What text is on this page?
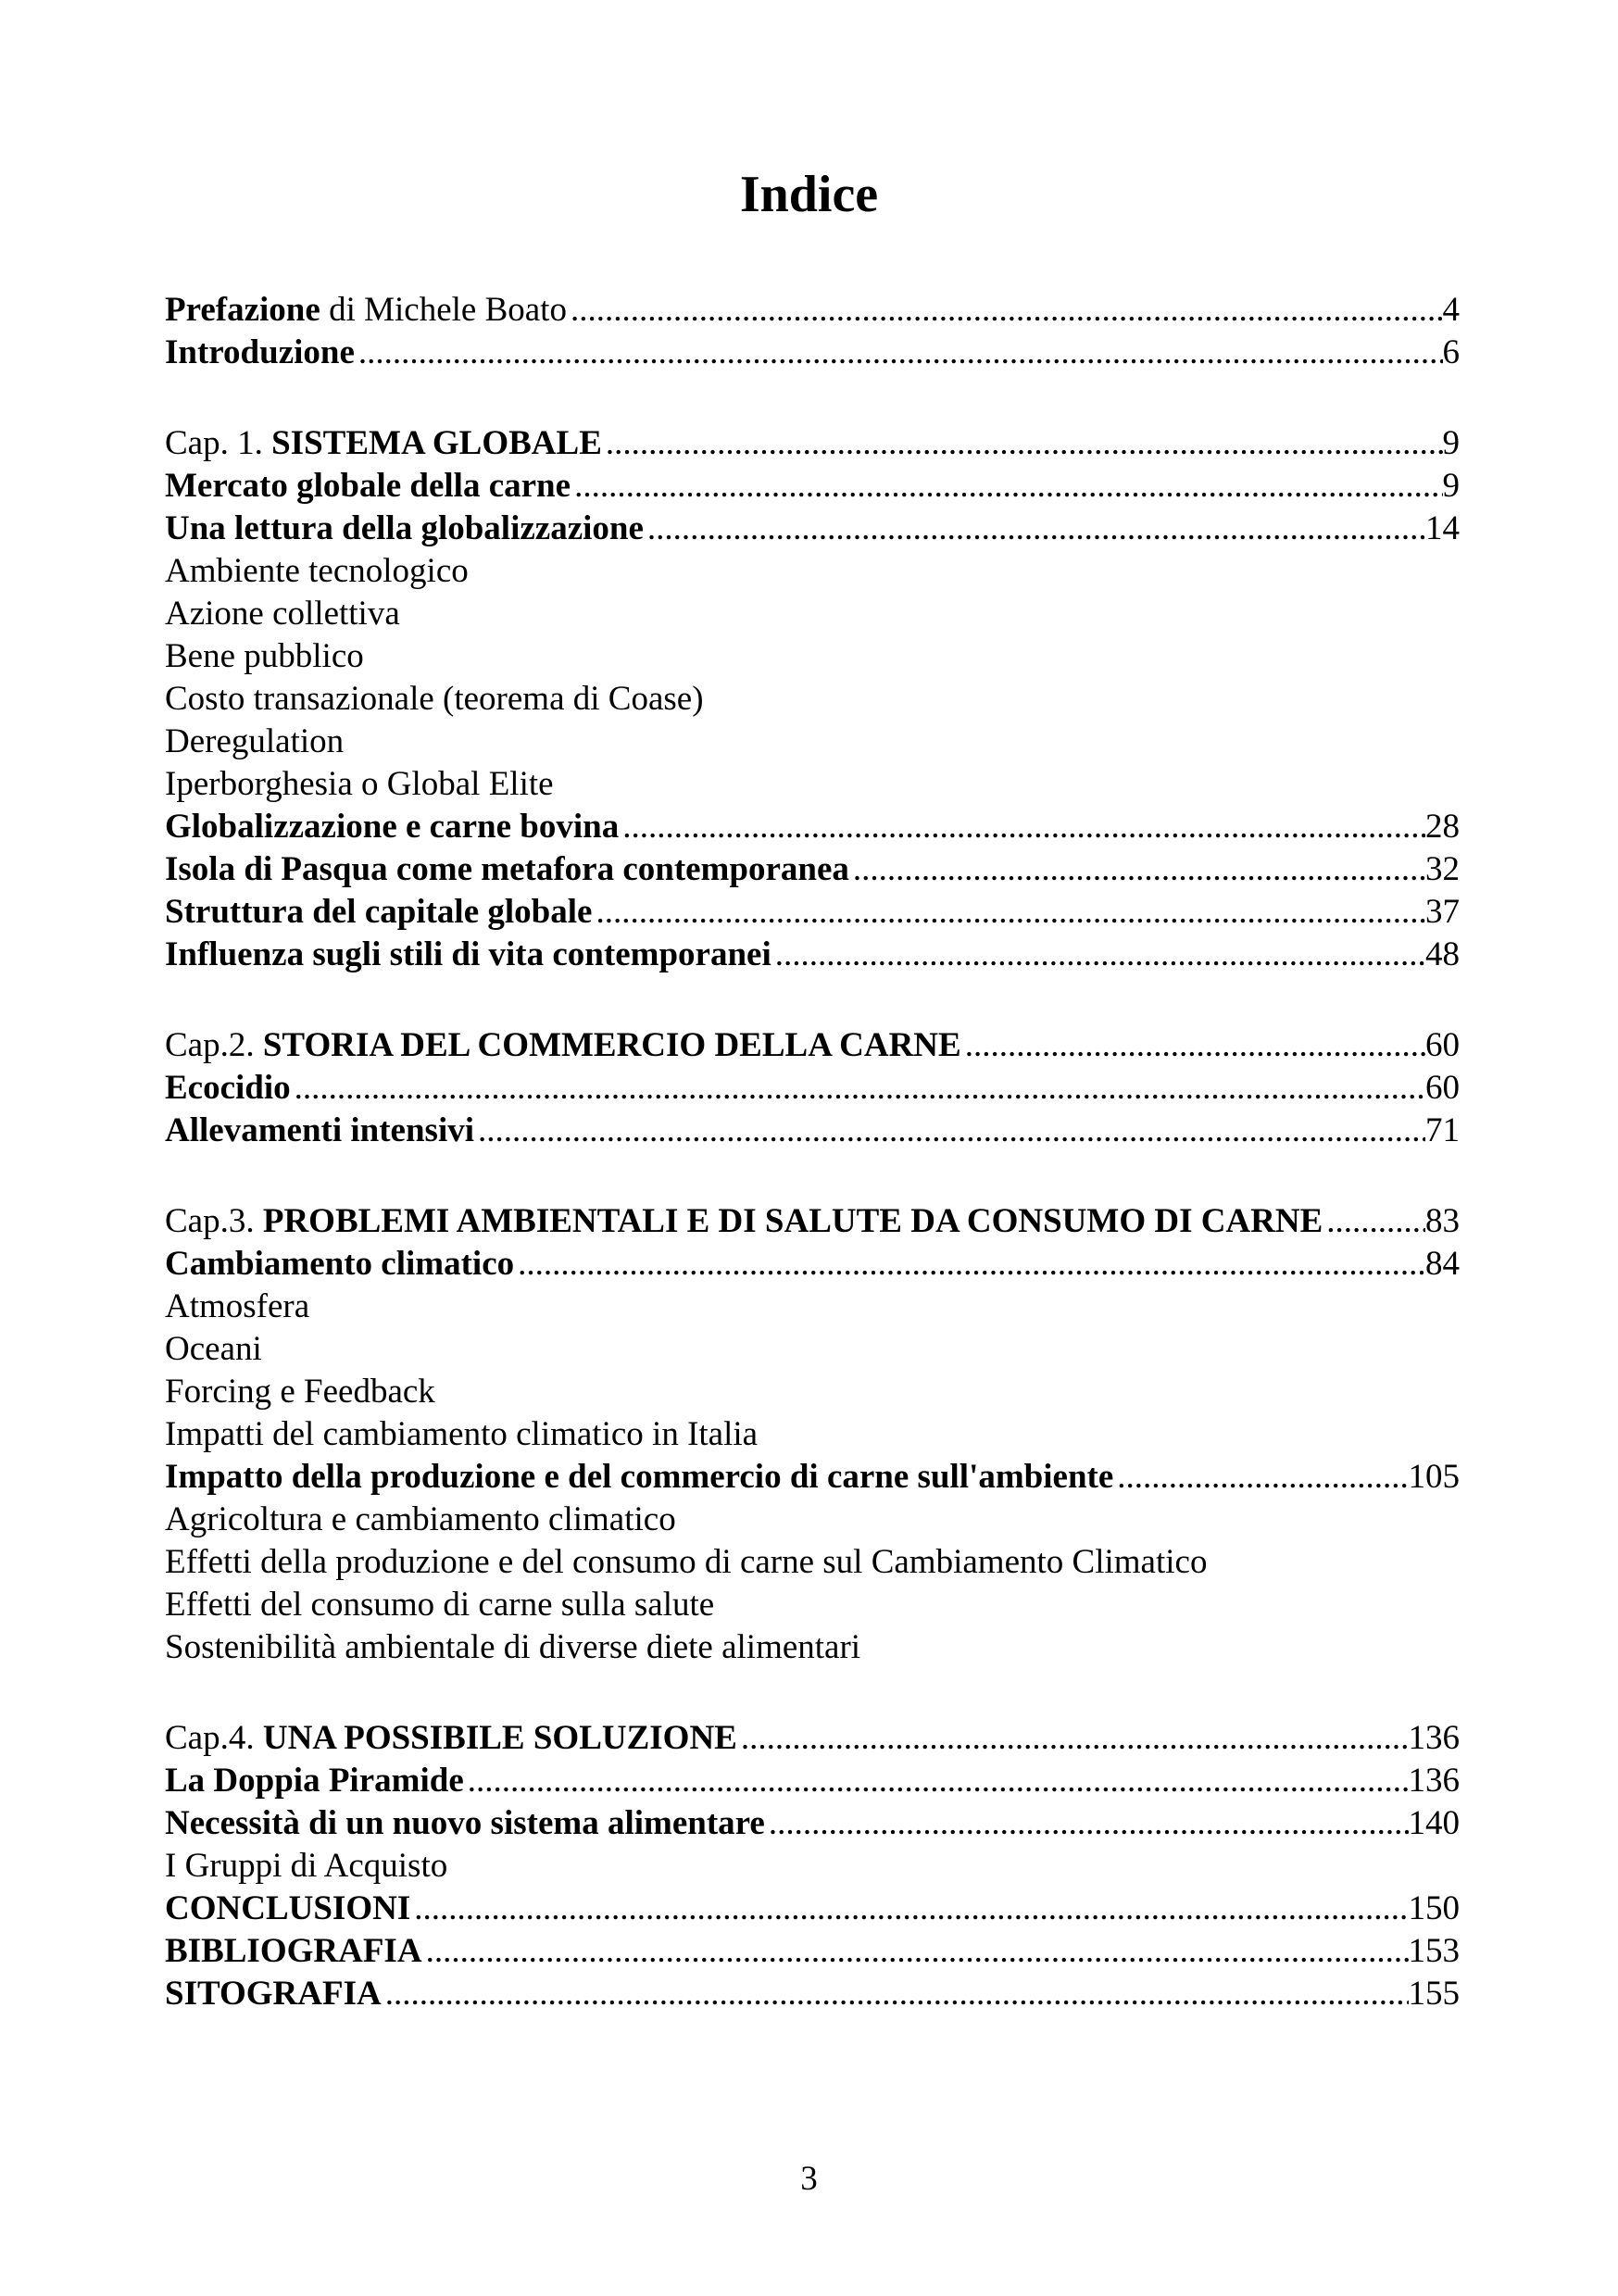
Indice
Prefazione di Michele Boato .....	4
Introduzione .....	6
Cap. 1. SISTEMA GLOBALE .....	9
Mercato globale della carne .....	9
Una lettura della globalizzazione .....	14
Ambiente tecnologico
Azione collettiva
Bene pubblico
Costo transazionale (teorema di Coase)
Deregulation
Iperborghesia o Global Elite
Globalizzazione e carne bovina .....	28
Isola di Pasqua come metafora contemporanea .....	32
Struttura del capitale globale .....	37
Influenza sugli stili di vita contemporanei .....	48
Cap.2. STORIA DEL COMMERCIO DELLA CARNE .....	60
Ecocidio .....	60
Allevamenti intensivi .....	71
Cap.3. PROBLEMI AMBIENTALI E DI SALUTE DA CONSUMO DI CARNE .....	83
Cambiamento climatico .....	84
Atmosfera
Oceani
Forcing e Feedback
Impatti del cambiamento climatico in Italia
Impatto della produzione e del commercio di carne sull'ambiente .....	105
Agricoltura e cambiamento climatico
Effetti della produzione e del consumo di carne sul Cambiamento Climatico
Effetti del consumo di carne sulla salute
Sostenibilità ambientale di diverse diete alimentari
Cap.4. UNA POSSIBILE SOLUZIONE .....	136
La Doppia Piramide .....	136
Necessità di un nuovo sistema alimentare .....	140
I Gruppi di Acquisto
CONCLUSIONI .....	150
BIBLIOGRAFIA .....	153
SITOGRAFIA .....	155
3
